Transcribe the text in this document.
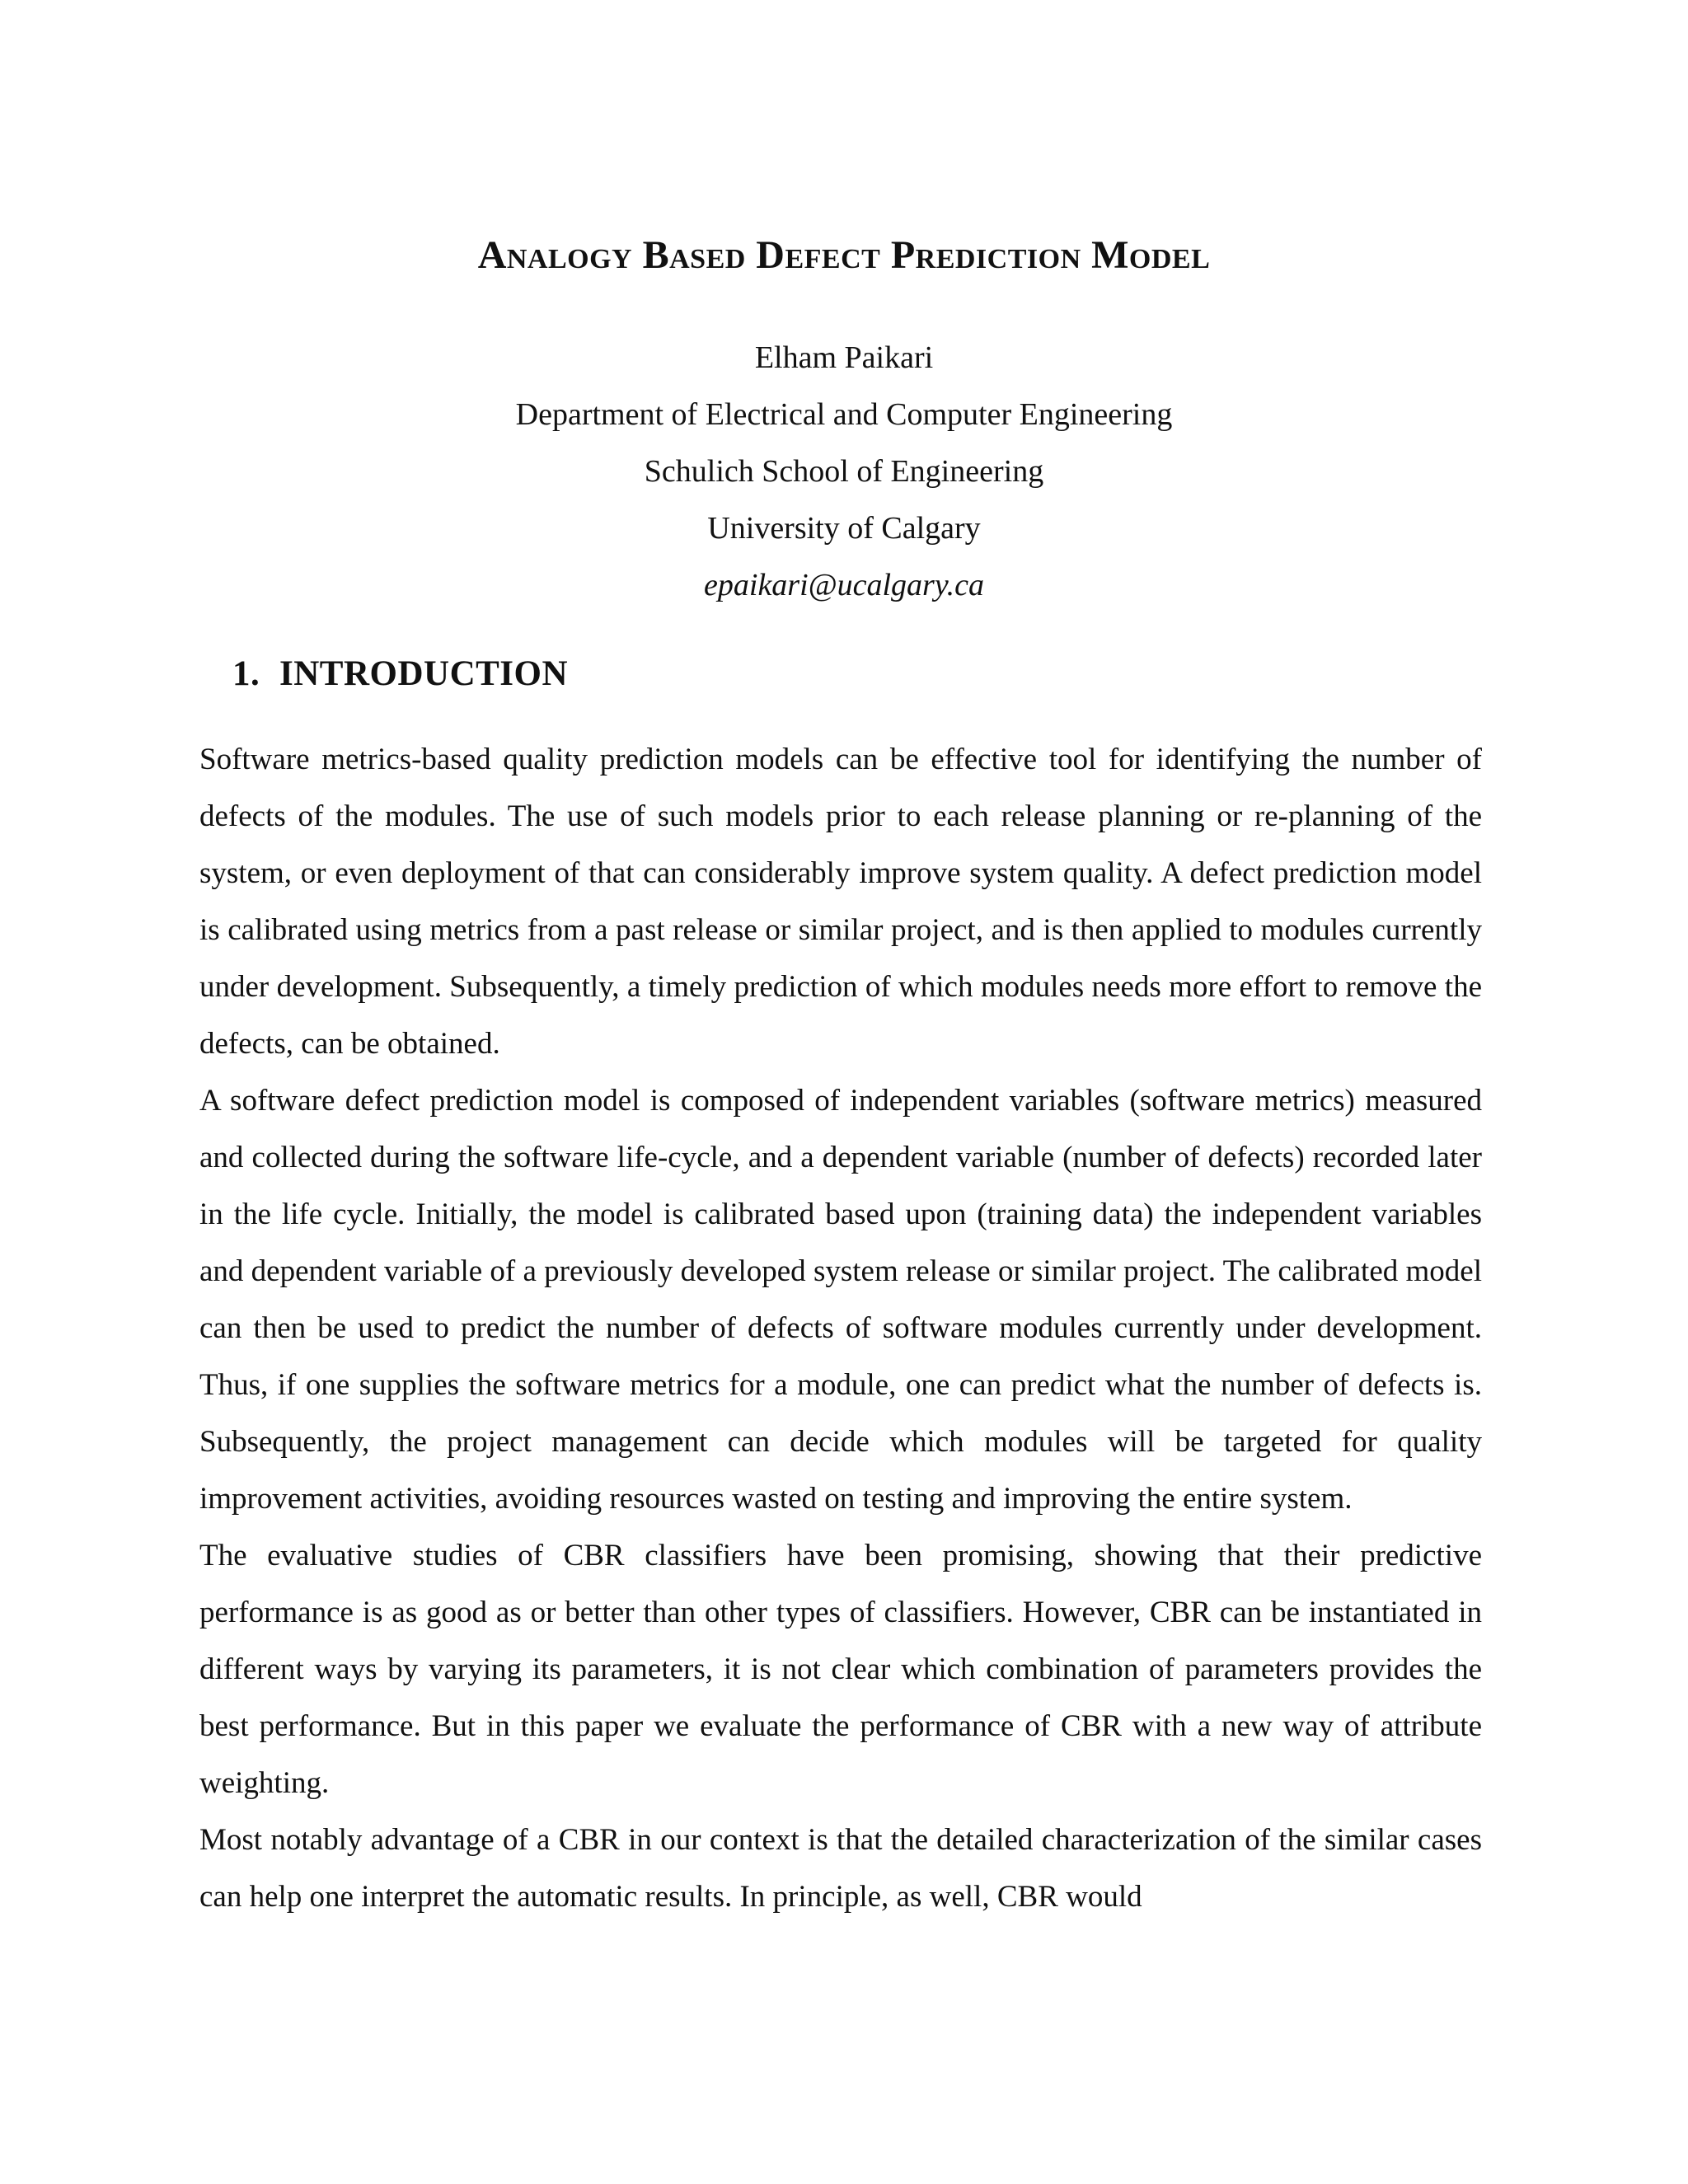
Analogy Based Defect Prediction Model
Elham Paikari
Department of Electrical and Computer Engineering
Schulich School of Engineering
University of Calgary
epaikari@ucalgary.ca
1. INTRODUCTION

Software metrics-based quality prediction models can be effective tool for identifying the number of defects of the modules. The use of such models prior to each release planning or re-planning of the system, or even deployment of that can considerably improve system quality. A defect prediction model is calibrated using metrics from a past release or similar project, and is then applied to modules currently under development. Subsequently, a timely prediction of which modules needs more effort to remove the defects, can be obtained.

A software defect prediction model is composed of independent variables (software metrics) measured and collected during the software life-cycle, and a dependent variable (number of defects) recorded later in the life cycle. Initially, the model is calibrated based upon (training data) the independent variables and dependent variable of a previously developed system release or similar project. The calibrated model can then be used to predict the number of defects of software modules currently under development. Thus, if one supplies the software metrics for a module, one can predict what the number of defects is. Subsequently, the project management can decide which modules will be targeted for quality improvement activities, avoiding resources wasted on testing and improving the entire system.

The evaluative studies of CBR classifiers have been promising, showing that their predictive performance is as good as or better than other types of classifiers. However, CBR can be instantiated in different ways by varying its parameters, it is not clear which combination of parameters provides the best performance. But in this paper we evaluate the performance of CBR with a new way of attribute weighting.

Most notably advantage of a CBR in our context is that the detailed characterization of the similar cases can help one interpret the automatic results. In principle, as well, CBR would
